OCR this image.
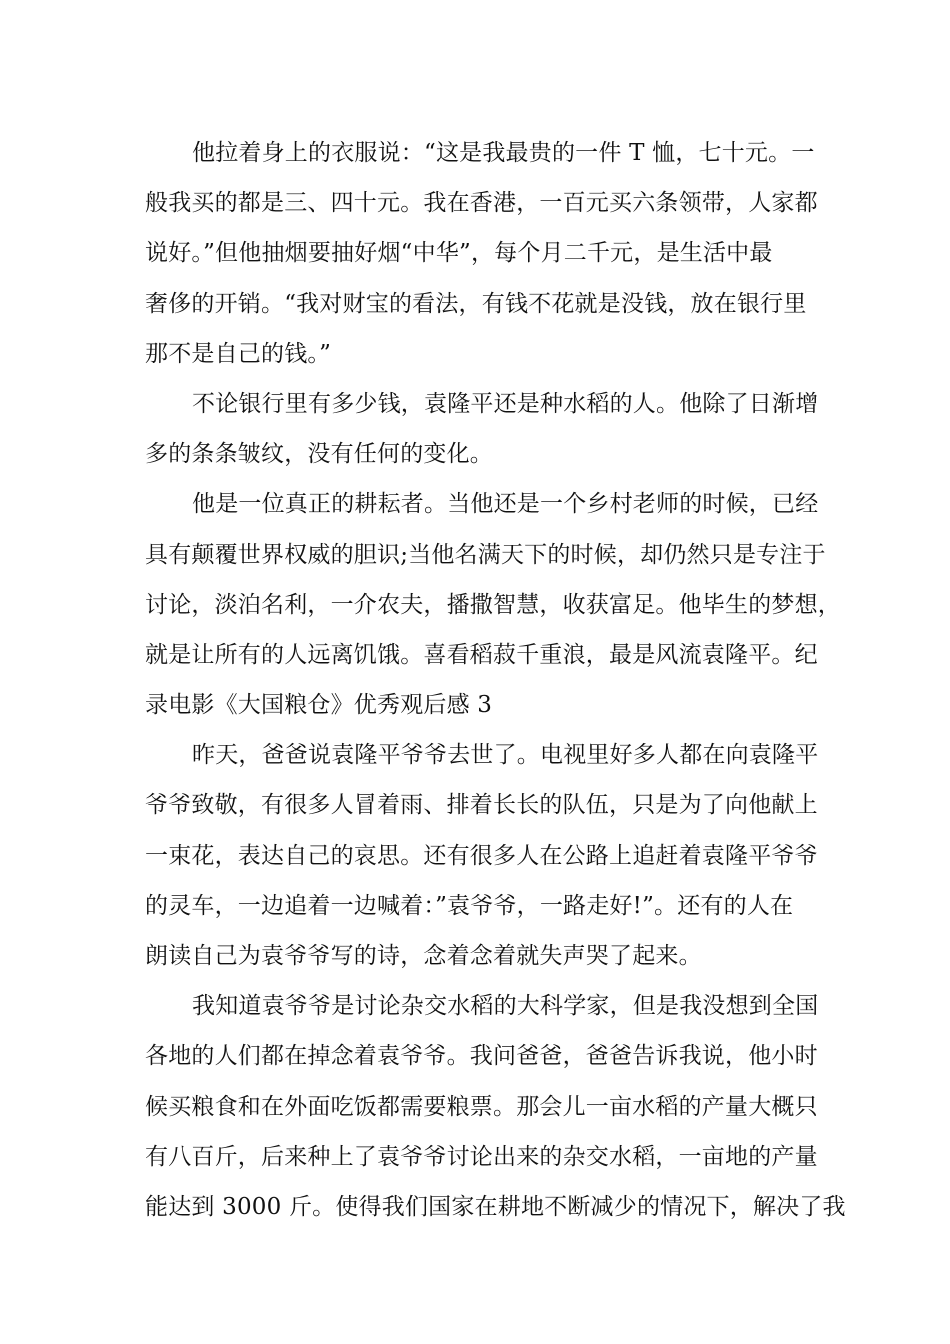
他拉着身上的衣服说：“这是我最贵的一件 T 恤，七十元。一
般我买的都是三、四十元。我在香港，一百元买六条领带，人家都
说好。”但他抽烟要抽好烟“中华”，每个月二千元，是生活中最
奢侈的开销。“我对财宝的看法，有钱不花就是没钱，放在银行里
那不是自己的钱。”
不论银行里有多少钱，袁隆平还是种水稻的人。他除了日渐增
多的条条皱纹，没有任何的变化。
他是一位真正的耕耘者。当他还是一个乡村老师的时候，已经
具有颠覆世界权威的胆识;当他名满天下的时候，却仍然只是专注于
讨论，淡泊名利，一介农夫，播撒智慧，收获富足。他毕生的梦想，
就是让所有的人远离饥饿。喜看稻菽千重浪，最是风流袁隆平。纪
录电影《大国粮仓》优秀观后感 3
昨天，爸爸说袁隆平爷爷去世了。电视里好多人都在向袁隆平
爷爷致敬，有很多人冒着雨、排着长长的队伍，只是为了向他献上
一束花，表达自己的哀思。还有很多人在公路上追赶着袁隆平爷爷
的灵车，一边追着一边喊着：”袁爷爷，一路走好!”。还有的人在
朗读自己为袁爷爷写的诗，念着念着就失声哭了起来。
我知道袁爷爷是讨论杂交水稻的大科学家，但是我没想到全国
各地的人们都在掉念着袁爷爷。我问爸爸，爸爸告诉我说，他小时
候买粮食和在外面吃饭都需要粮票。那会儿一亩水稻的产量大概只
有八百斤，后来种上了袁爷爷讨论出来的杂交水稻，一亩地的产量
能达到 3000 斤。使得我们国家在耕地不断减少的情况下，解决了我
